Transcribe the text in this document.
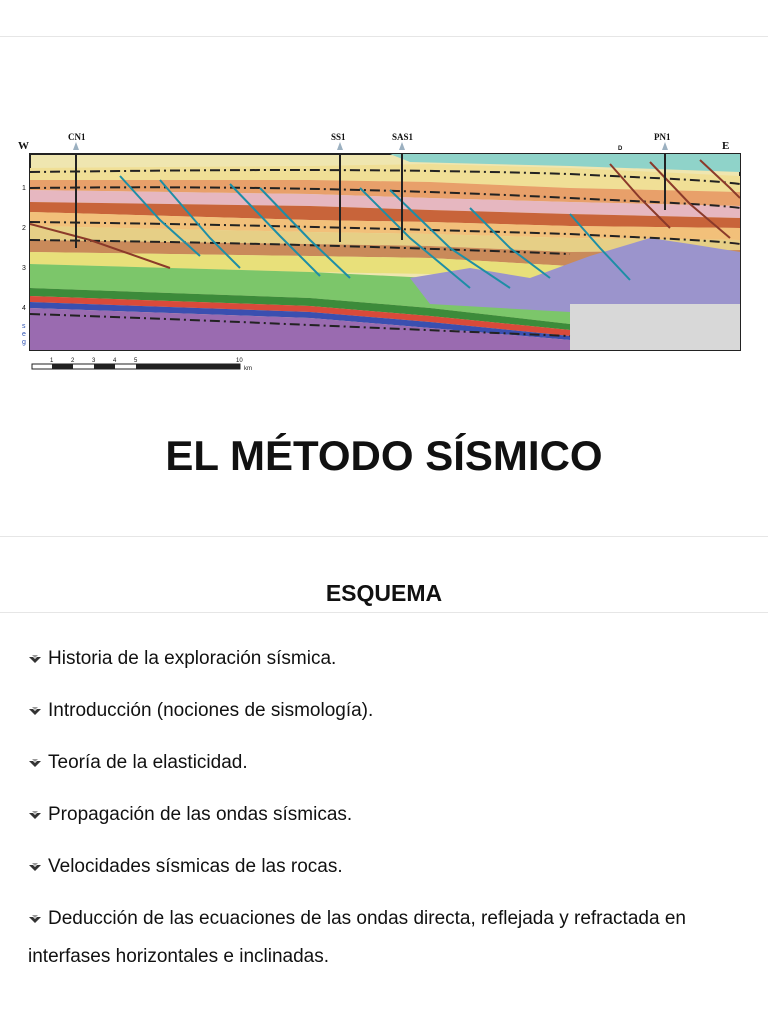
W
CN1	SS1	SAS1
D
PN1
E
1
2
3
4
s
e
g
1	2	3	4	5	10
km
EL MÉTODO SÍSMICO
ESQUEMA
Historia de la exploración sísmica.
Introducción (nociones de sismología).
Teoría de la elasticidad.
Propagación de las ondas sísmicas.
Velocidades sísmicas de las rocas.
Deducción de las ecuaciones de las ondas directa, reflejada y refractada en interfases horizontales e inclinadas.
